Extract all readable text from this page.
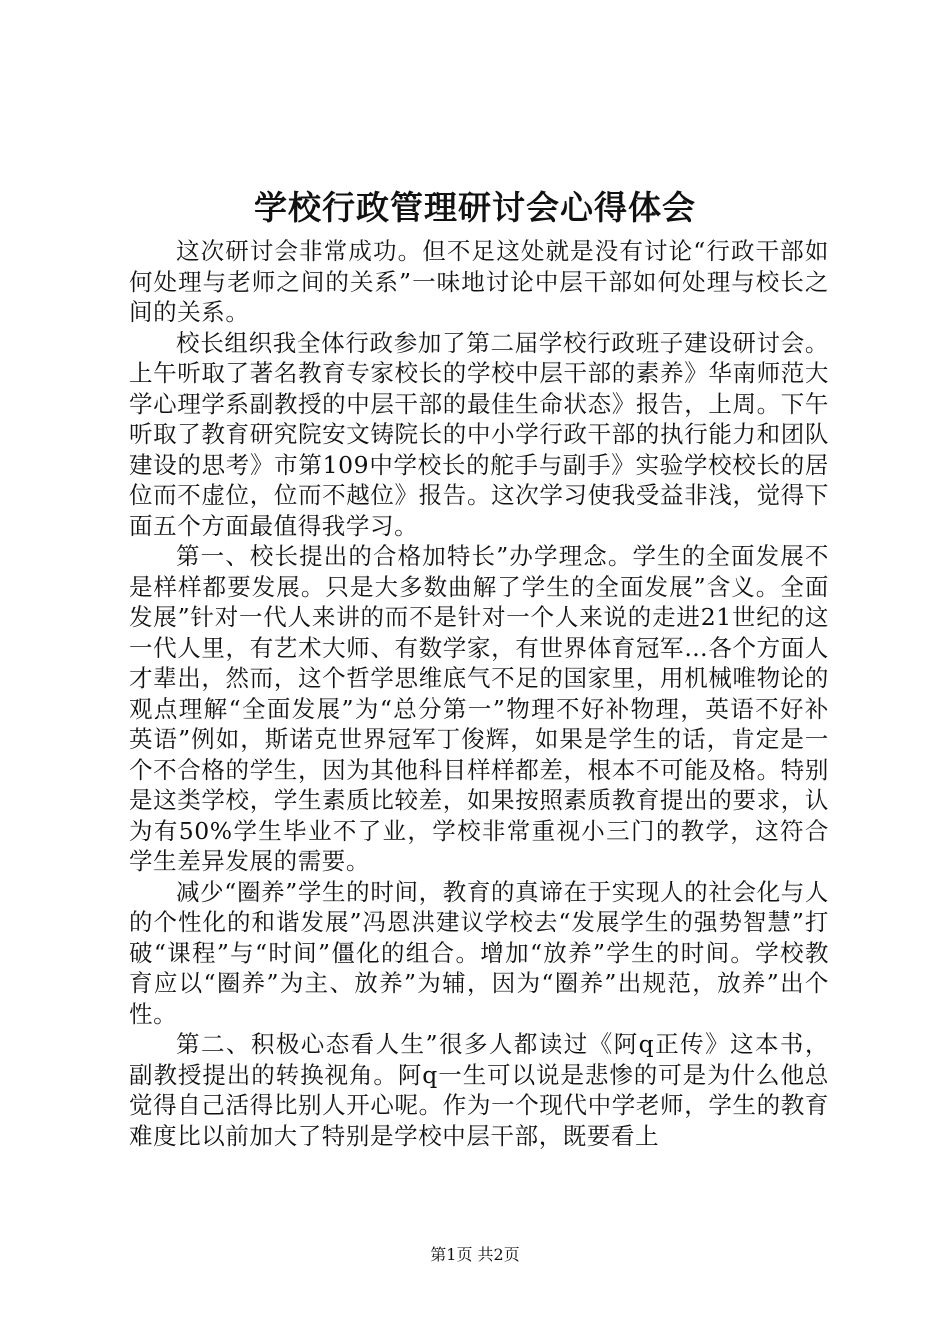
学校行政管理研讨会心得体会

这次研讨会非常成功。但不足这处就是没有讨论“行政干部如何处理与老师之间的关系”一味地讨论中层干部如何处理与校长之间的关系。

校长组织我全体行政参加了第二届学校行政班子建设研讨会。上午听取了著名教育专家校长的学校中层干部的素养》华南师范大学心理学系副教授的中层干部的最佳生命状态》报告，上周。下午听取了教育研究院安文铸院长的中小学行政干部的执行能力和团队建设的思考》市第109中学校长的舵手与副手》实验学校校长的居位而不虚位，位而不越位》报告。这次学习使我受益非浅，觉得下面五个方面最值得我学习。

第一、校长提出的合格加特长”办学理念。学生的全面发展不是样样都要发展。只是大多数曲解了学生的全面发展”含义。全面发展”针对一代人来讲的而不是针对一个人来说的走进21世纪的这一代人里，有艺术大师、有数学家，有世界体育冠军…各个方面人才辈出，然而，这个哲学思维底气不足的国家里，用机械唯物论的观点理解“全面发展”为“总分第一”物理不好补物理，英语不好补英语”例如，斯诺克世界冠军丁俊辉，如果是学生的话，肯定是一个不合格的学生，因为其他科目样样都差，根本不可能及格。特别是这类学校，学生素质比较差，如果按照素质教育提出的要求，认为有50%学生毕业不了业，学校非常重视小三门的教学，这符合学生差异发展的需要。

减少“圈养”学生的时间，教育的真谛在于实现人的社会化与人的个性化的和谐发展”冯恩洪建议学校去“发展学生的强势智慧”打破“课程”与“时间”僵化的组合。增加“放养”学生的时间。学校教育应以“圈养”为主、放养”为辅，因为“圈养”出规范，放养”出个性。

第二、积极心态看人生”很多人都读过《阿q正传》这本书，副教授提出的转换视角。阿q一生可以说是悲惨的可是为什么他总觉得自己活得比别人开心呢。作为一个现代中学老师，学生的教育难度比以前加大了特别是学校中层干部，既要看上

第1页 共2页
